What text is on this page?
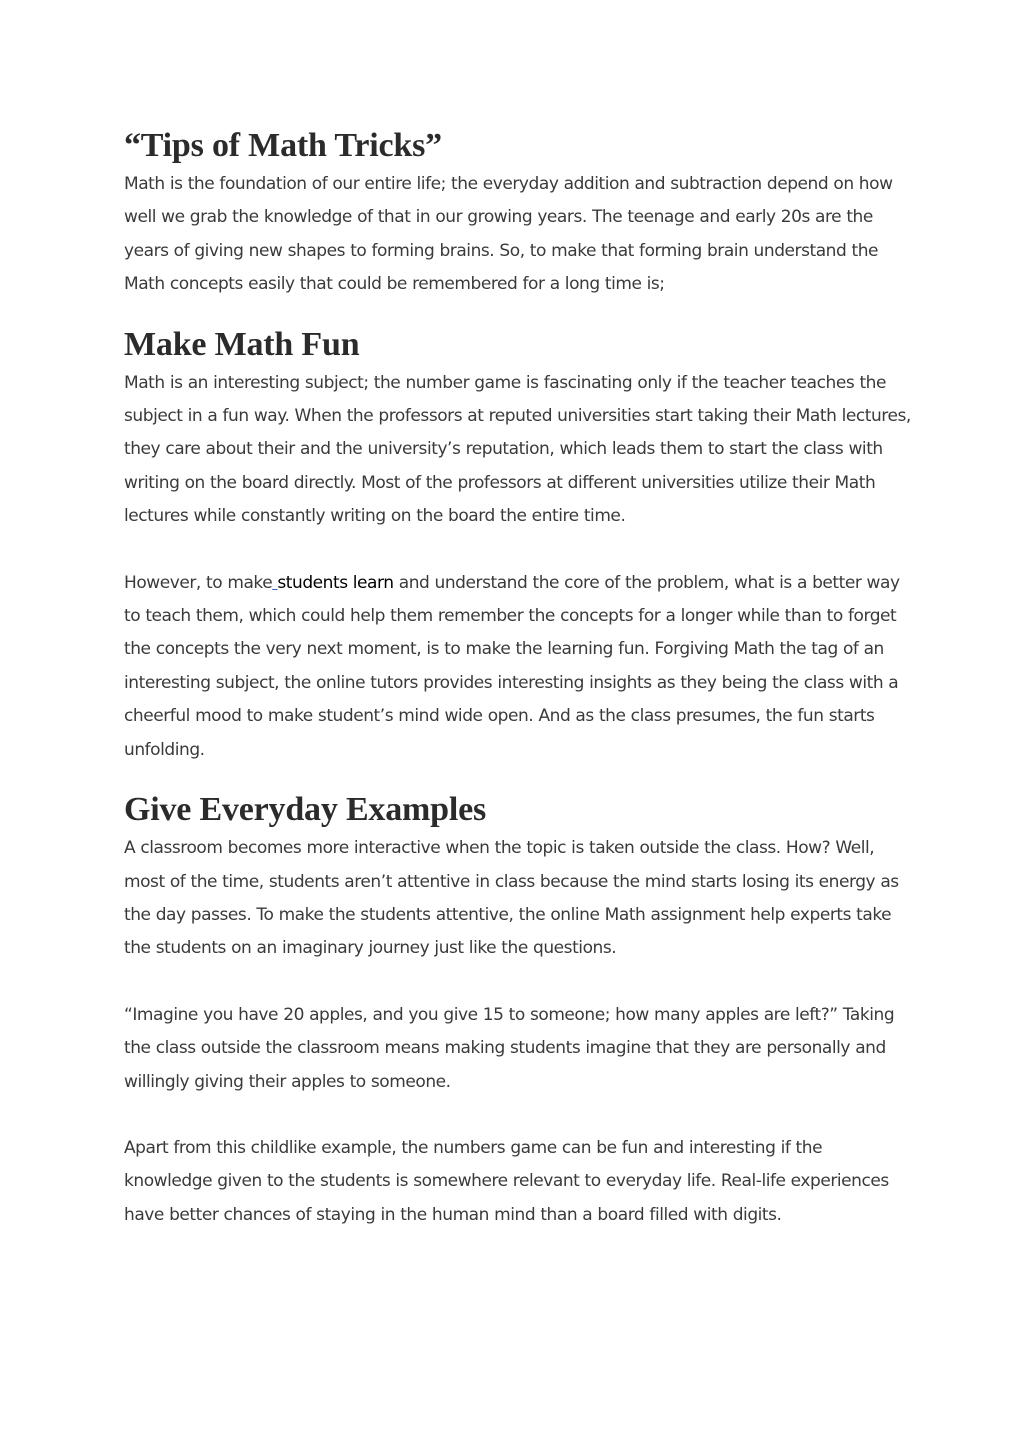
“Tips of Math Tricks”

Math is the foundation of our entire life; the everyday addition and subtraction depend on how well we grab the knowledge of that in our growing years. The teenage and early 20s are the years of giving new shapes to forming brains. So, to make that forming brain understand the Math concepts easily that could be remembered for a long time is;

Make Math Fun

Math is an interesting subject; the number game is fascinating only if the teacher teaches the subject in a fun way. When the professors at reputed universities start taking their Math lectures, they care about their and the university’s reputation, which leads them to start the class with writing on the board directly. Most of the professors at different universities utilize their Math lectures while constantly writing on the board the entire time.

However, to make students learn and understand the core of the problem, what is a better way to teach them, which could help them remember the concepts for a longer while than to forget the concepts the very next moment, is to make the learning fun. Forgiving Math the tag of an interesting subject, the online tutors provides interesting insights as they being the class with a cheerful mood to make student’s mind wide open. And as the class presumes, the fun starts unfolding.

Give Everyday Examples

A classroom becomes more interactive when the topic is taken outside the class. How? Well, most of the time, students aren’t attentive in class because the mind starts losing its energy as the day passes. To make the students attentive, the online Math assignment help experts take the students on an imaginary journey just like the questions.

“Imagine you have 20 apples, and you give 15 to someone; how many apples are left?” Taking the class outside the classroom means making students imagine that they are personally and willingly giving their apples to someone.

Apart from this childlike example, the numbers game can be fun and interesting if the knowledge given to the students is somewhere relevant to everyday life. Real-life experiences have better chances of staying in the human mind than a board filled with digits.
